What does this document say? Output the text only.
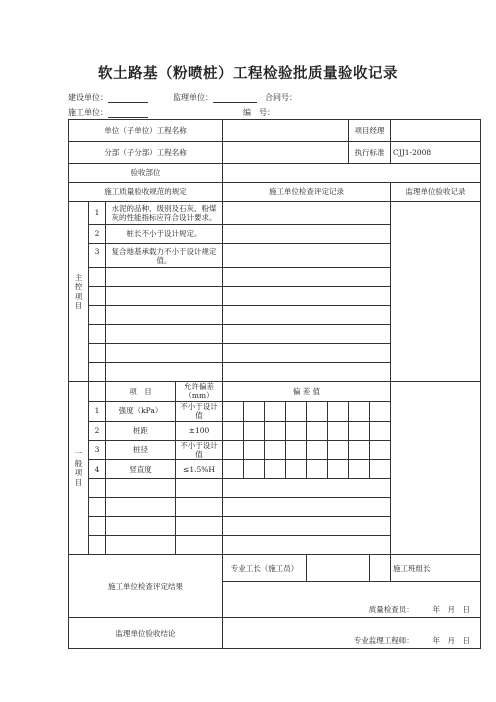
软土路基（粉喷桩）工程检验批质量验收记录
建设单位：	监理单位：	合同号：
施工单位：	编　号：
单位（子单位）工程名称										项目经理		
分部（子分部）工程名称										执行标准		CJJ1-2008
验收部位												
施工质量验收规范的规定				施工单位检查评定记录								监理单位验收记录
主
控
项
目	1	水泥的品种、级别及石灰、粉煤灰的性能指标应符合设计要求。										
	2	桩长不小于设计规定。										
	3	复合地基承载力不小于设计规定值。										

一
般
项
目		项　目	允许偏差（mm）	偏 差 值								
	1	强度（kPa）	不小于设计值									
	2	桩距	±100									
	3	桩径	不小于设计值									
	4	竖直度	≤1.5%H									

施工单位检查评定结果				专业工长（施工员）								施工班组长
				质量检查员：　　　年　月　日								
监理单位验收结论				专业监理工程师：　　　年　月　日								
